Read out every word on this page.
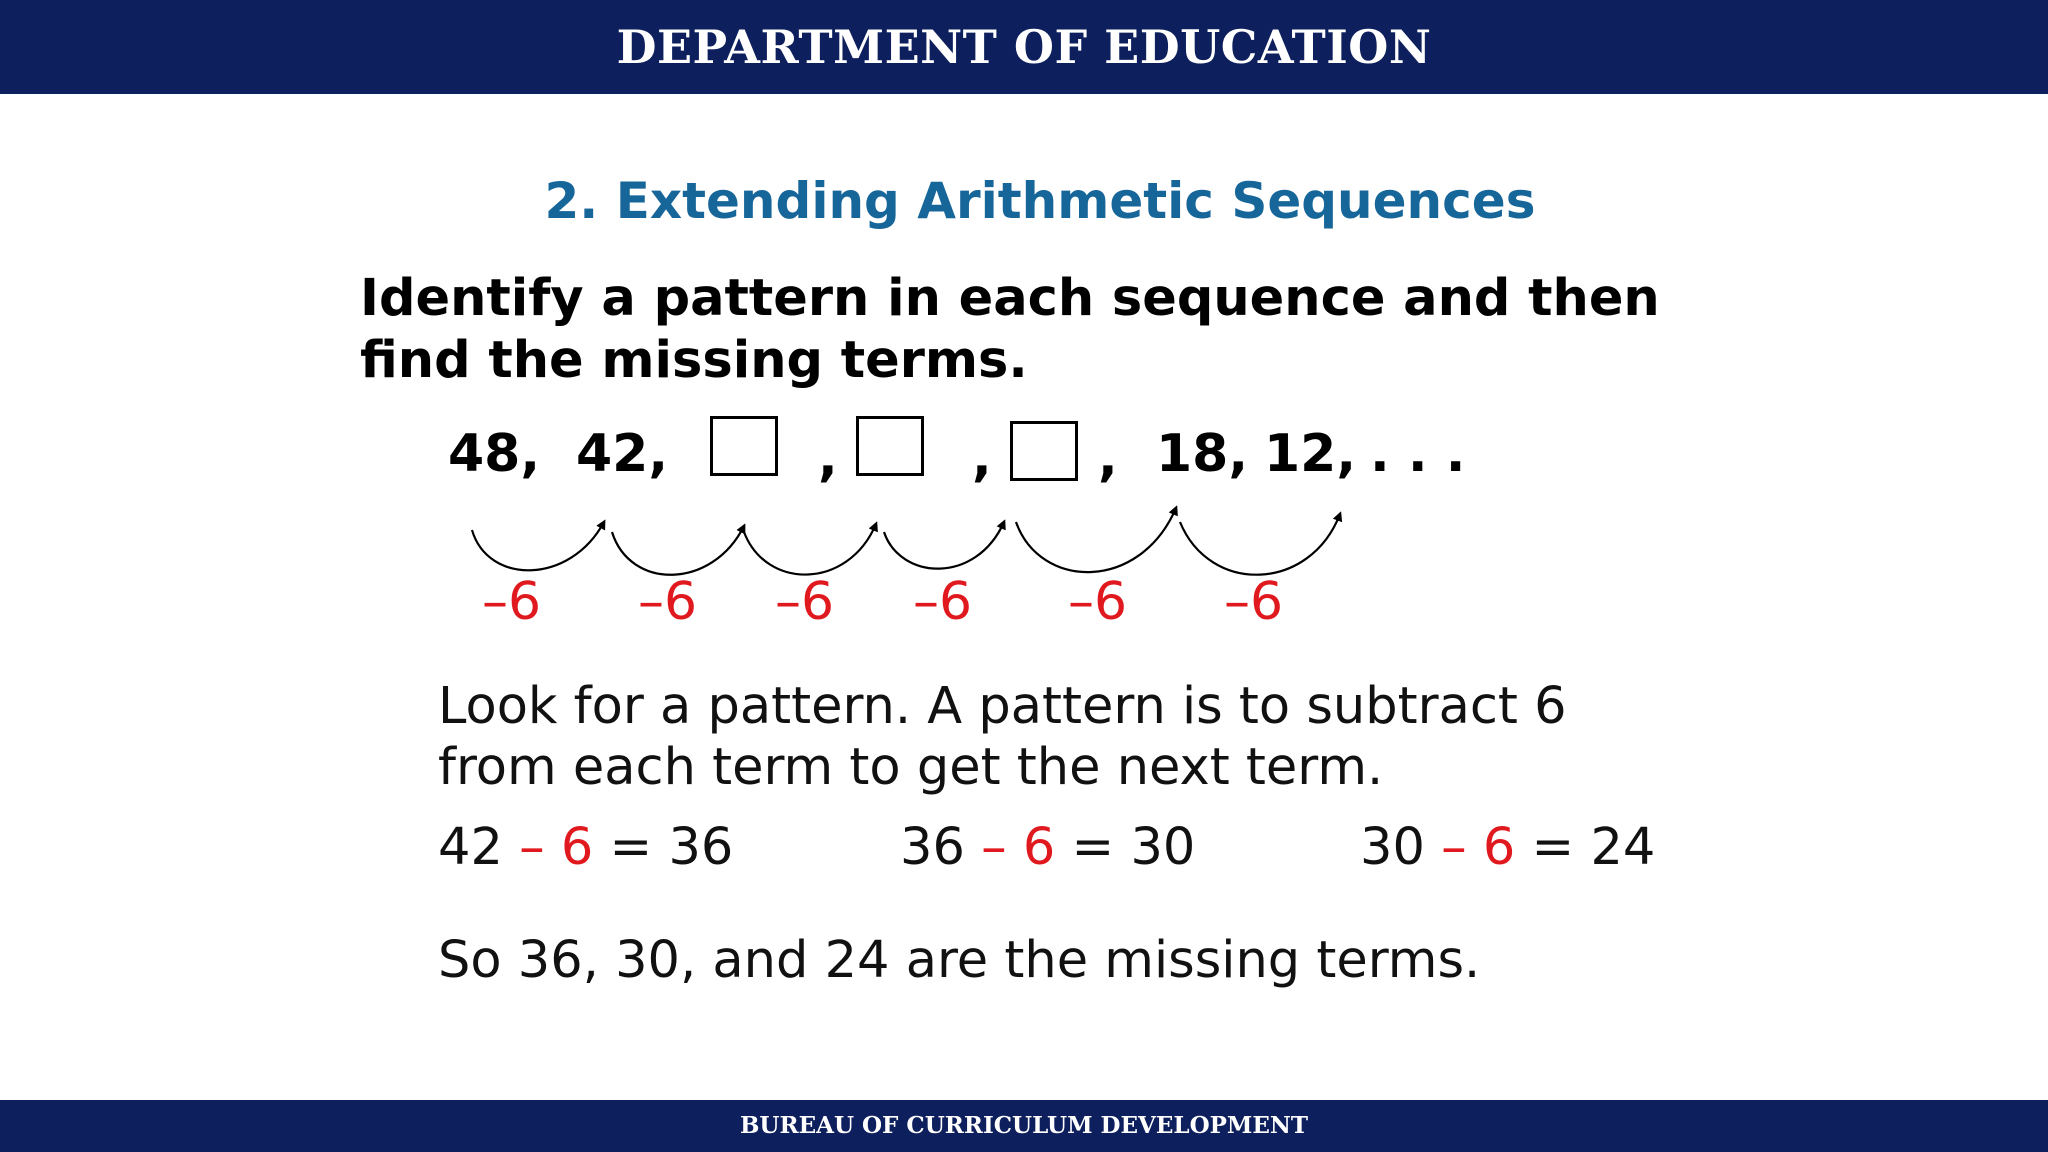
DEPARTMENT OF EDUCATION
2. Extending Arithmetic Sequences
Identify a pattern in each sequence and then
find the missing terms.
48, 42,	,	, , 18, 12, . . .
–6 –6 –6 –6 –6 –6
Look for a pattern. A pattern is to subtract 6
from each term to get the next term.
42 – 6 = 36	36 – 6 = 30	30 – 6 = 24
So 36, 30, and 24 are the missing terms.
BUREAU OF CURRICULUM DEVELOPMENT
